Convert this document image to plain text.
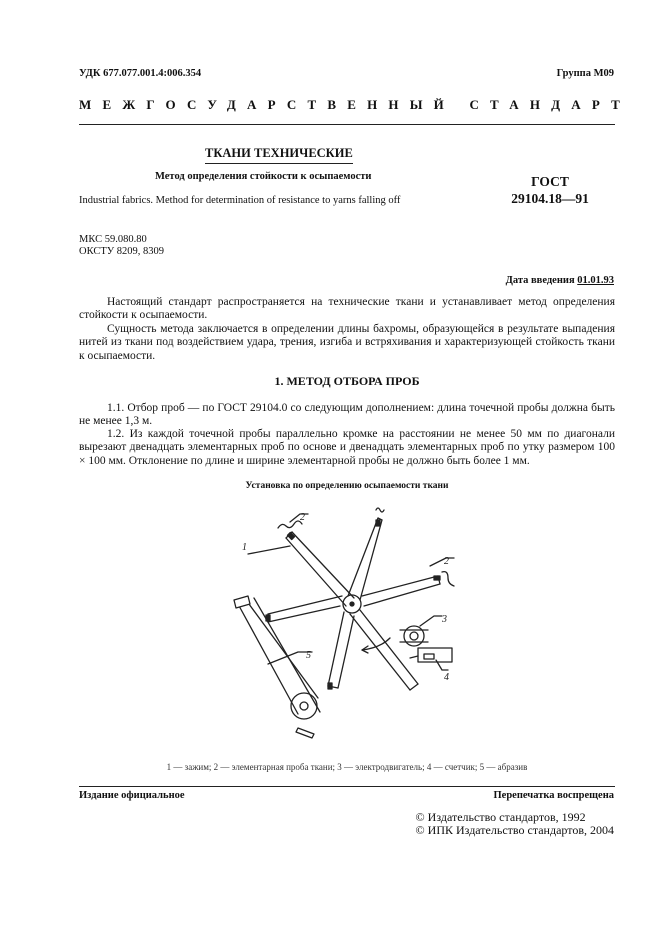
УДК 677.077.001.4:006.354	Группа М09
МЕЖГОСУДАРСТВЕННЫЙ СТАНДАРТ
ТКАНИ ТЕХНИЧЕСКИЕ
Метод определения стойкости к осыпаемости
Industrial fabrics. Method for determination of resistance to yarns falling off
ГОСТ
29104.18—91
МКС 59.080.80
ОКСТУ 8209, 8309
Дата введения 01.01.93

Настоящий стандарт распространяется на технические ткани и устанавливает метод определения стойкости к осыпаемости.

Сущность метода заключается в определении длины бахромы, образующейся в результате выпадения нитей из ткани под воздействием удара, трения, изгиба и встряхивания и характеризующей стойкость ткани к осыпаемости.

1. МЕТОД ОТБОРА ПРОБ

1.1. Отбор проб — по ГОСТ 29104.0 со следующим дополнением: длина точечной пробы должна быть не менее 1,3 м.

1.2. Из каждой точечной пробы параллельно кромке на расстоянии не менее 50 мм по диагонали вырезают двенадцать элементарных проб по основе и двенадцать элементарных проб по утку размером 100 × 100 мм. Отклонение по длине и ширине элементарной пробы не должно быть более 1 мм.

Установка по определению осыпаемости ткани
1
2
2
3
4
5
1 — зажим; 2 — элементарная проба ткани; 3 — электродвигатель; 4 — счетчик; 5 — абразив
Издание официальное	Перепечатка воспрещена
© Издательство стандартов, 1992
© ИПК Издательство стандартов, 2004
